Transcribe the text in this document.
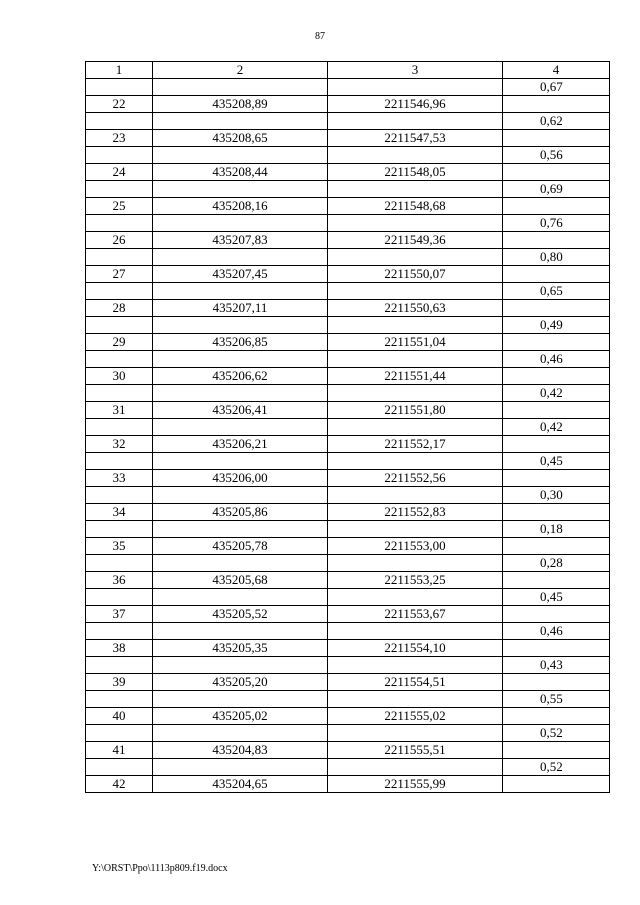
87
1	2	3	4
			0,67
22	435208,89	2211546,96	
			0,62
23	435208,65	2211547,53	
			0,56
24	435208,44	2211548,05	
			0,69
25	435208,16	2211548,68	
			0,76
26	435207,83	2211549,36	
			0,80
27	435207,45	2211550,07	
			0,65
28	435207,11	2211550,63	
			0,49
29	435206,85	2211551,04	
			0,46
30	435206,62	2211551,44	
			0,42
31	435206,41	2211551,80	
			0,42
32	435206,21	2211552,17	
			0,45
33	435206,00	2211552,56	
			0,30
34	435205,86	2211552,83	
			0,18
35	435205,78	2211553,00	
			0,28
36	435205,68	2211553,25	
			0,45
37	435205,52	2211553,67	
			0,46
38	435205,35	2211554,10	
			0,43
39	435205,20	2211554,51	
			0,55
40	435205,02	2211555,02	
			0,52
41	435204,83	2211555,51	
			0,52
42	435204,65	2211555,99	
Y:\ORST\Ppo\1113p809.f19.docx
